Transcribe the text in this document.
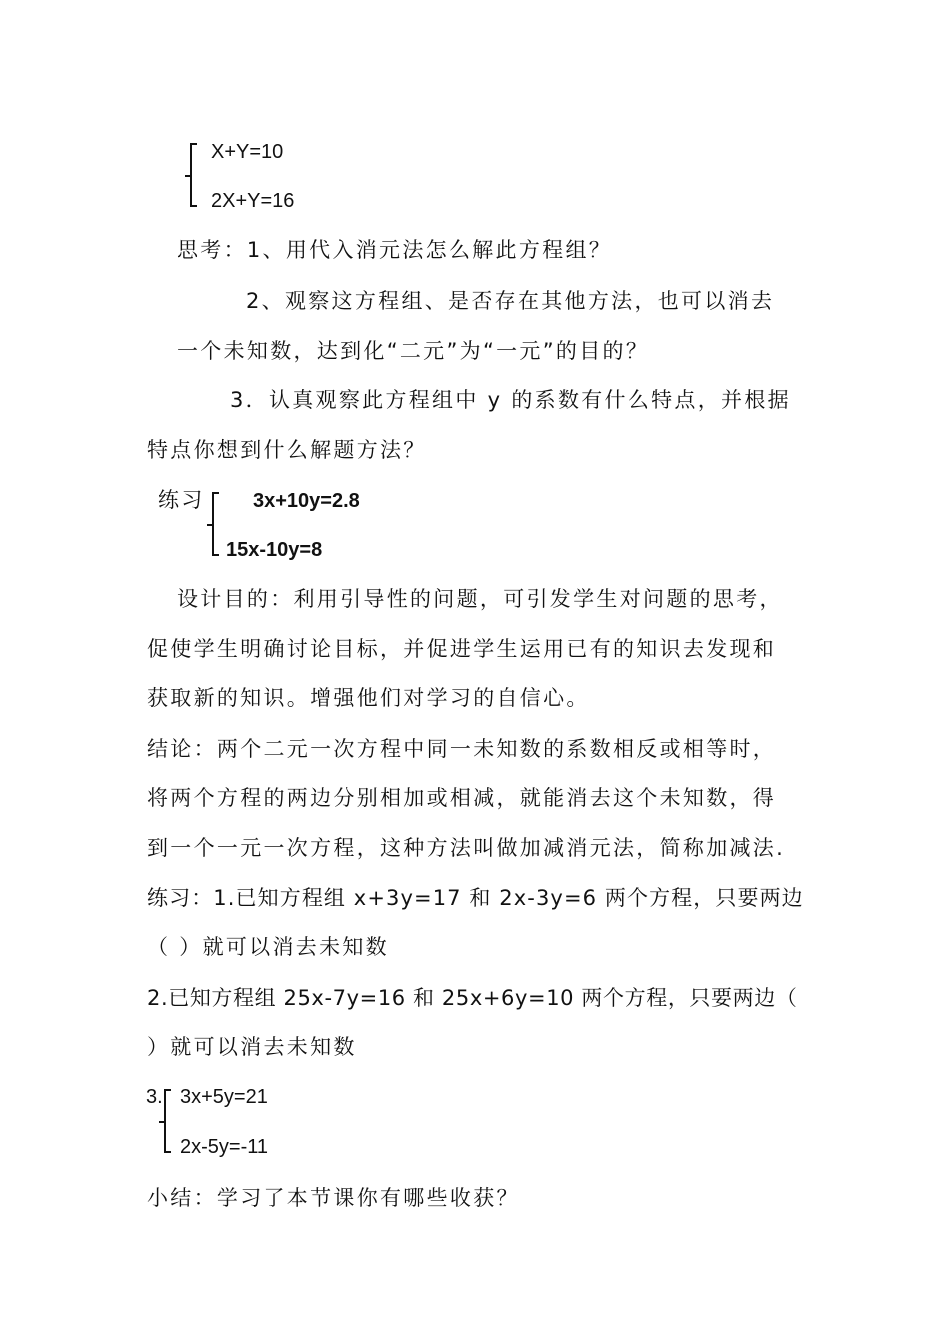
X+Y=10
2X+Y=16
思考：1、用代入消元法怎么解此方程组？
2、观察这方程组、是否存在其他方法，也可以消去
一个未知数，达到化“二元”为“一元”的目的？
3．认真观察此方程组中 y 的系数有什么特点，并根据
特点你想到什么解题方法？
练习 3x+10y=2.8
15x-10y=8
设计目的：利用引导性的问题，可引发学生对问题的思考，
促使学生明确讨论目标，并促进学生运用已有的知识去发现和
获取新的知识。增强他们对学习的自信心。
结论：两个二元一次方程中同一未知数的系数相反或相等时，
将两个方程的两边分别相加或相减，就能消去这个未知数，得
到一个一元一次方程，这种方法叫做加减消元法，简称加减法.
练习：1.已知方程组 x+3y=17 和 2x-3y=6 两个方程，只要两边
（ ）就可以消去未知数
2.已知方程组 25x-7y=16 和 25x+6y=10 两个方程，只要两边（
）就可以消去未知数
3. 3x+5y=21
2x-5y=-11
小结：学习了本节课你有哪些收获？
